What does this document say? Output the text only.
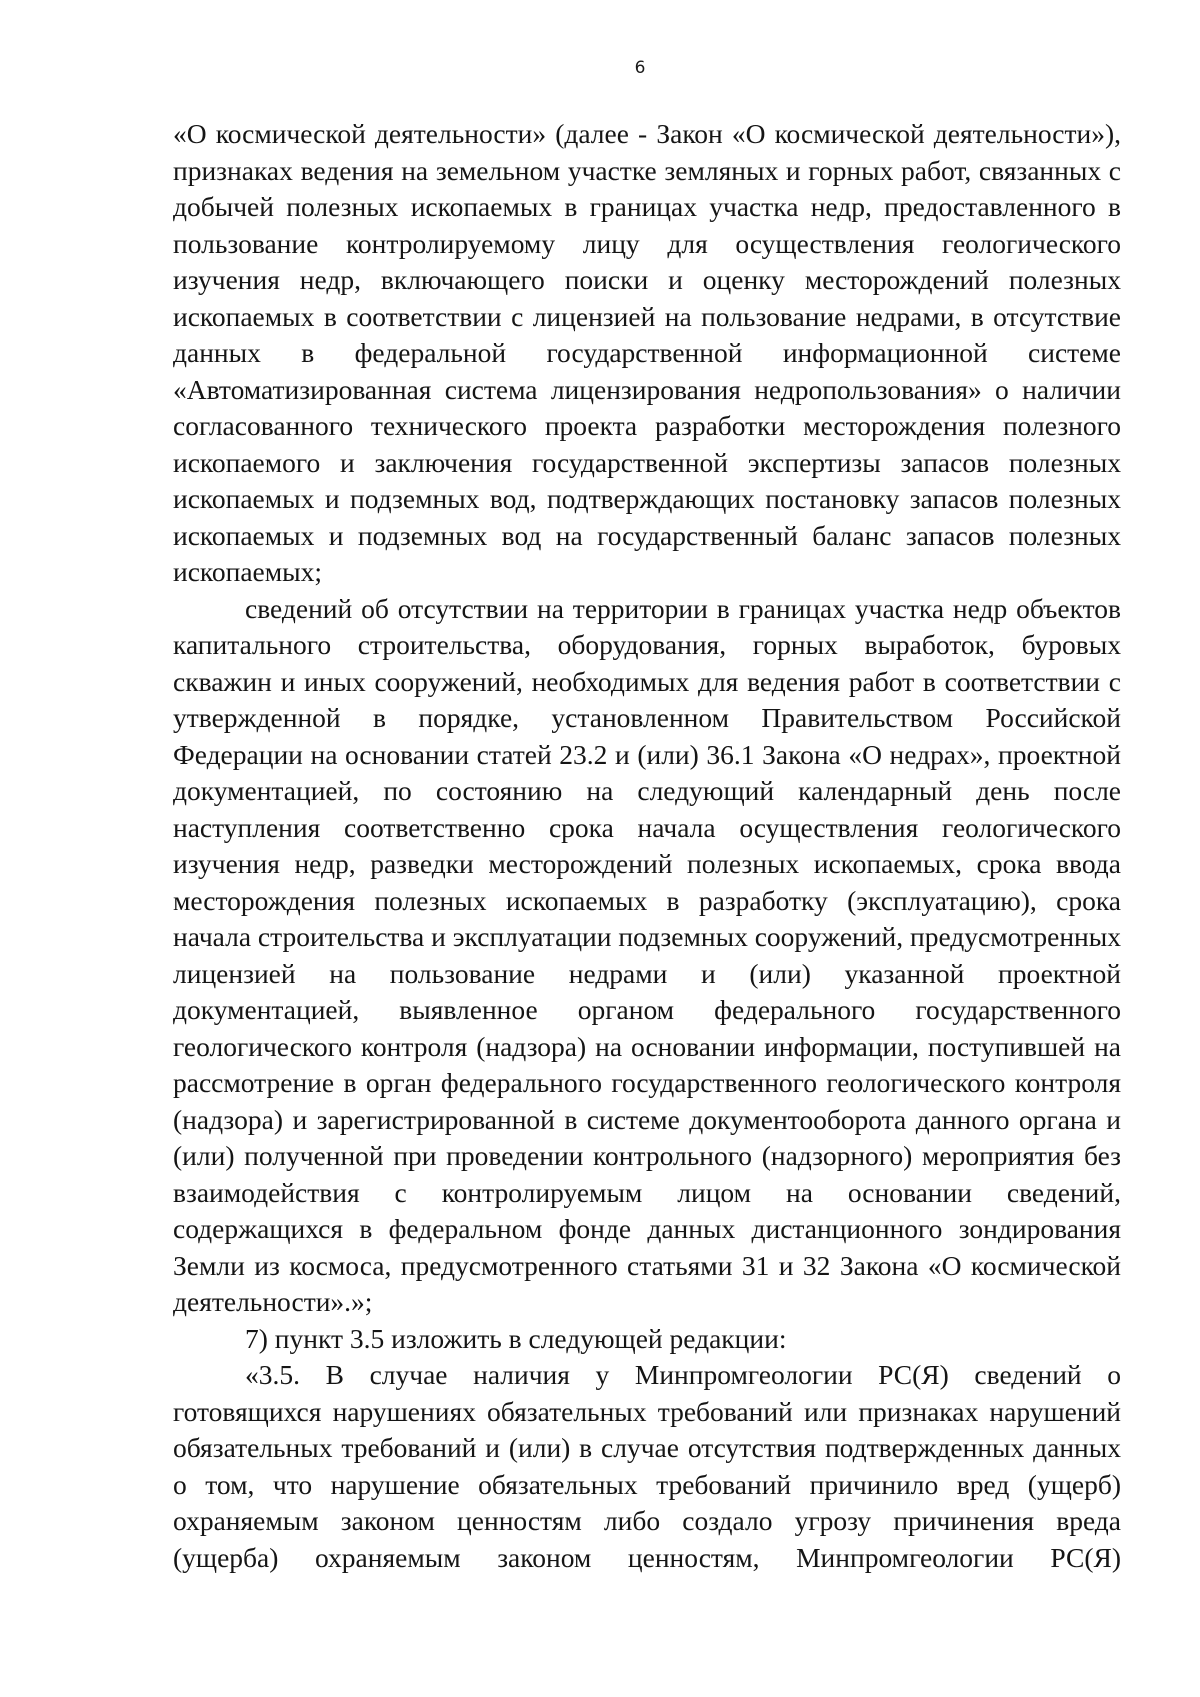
6

«О космической деятельности» (далее - Закон «О космической деятельности»), признаках ведения на земельном участке земляных и горных работ, связанных с добычей полезных ископаемых в границах участка недр, предоставленного в пользование контролируемому лицу для осуществления геологического изучения недр, включающего поиски и оценку месторождений полезных ископаемых в соответствии с лицензией на пользование недрами, в отсутствие данных в федеральной государственной информационной системе «Автоматизированная система лицензирования недропользования» о наличии согласованного технического проекта разработки месторождения полезного ископаемого и заключения государственной экспертизы запасов полезных ископаемых и подземных вод, подтверждающих постановку запасов полезных ископаемых и подземных вод на государственный баланс запасов полезных ископаемых;

сведений об отсутствии на территории в границах участка недр объектов капитального строительства, оборудования, горных выработок, буровых скважин и иных сооружений, необходимых для ведения работ в соответствии с утвержденной в порядке, установленном Правительством Российской Федерации на основании статей 23.2 и (или) 36.1 Закона «О недрах», проектной документацией, по состоянию на следующий календарный день после наступления соответственно срока начала осуществления геологического изучения недр, разведки месторождений полезных ископаемых, срока ввода месторождения полезных ископаемых в разработку (эксплуатацию), срока начала строительства и эксплуатации подземных сооружений, предусмотренных лицензией на пользование недрами и (или) указанной проектной документацией, выявленное органом федерального государственного геологического контроля (надзора) на основании информации, поступившей на рассмотрение в орган федерального государственного геологического контроля (надзора) и зарегистрированной в системе документооборота данного органа и (или) полученной при проведении контрольного (надзорного) мероприятия без взаимодействия с контролируемым лицом на основании сведений, содержащихся в федеральном фонде данных дистанционного зондирования Земли из космоса, предусмотренного статьями 31 и 32 Закона «О космической деятельности».»;

7) пункт 3.5 изложить в следующей редакции:

«3.5. В случае наличия у Минпромгеологии РС(Я) сведений о готовящихся нарушениях обязательных требований или признаках нарушений обязательных требований и (или) в случае отсутствия подтвержденных данных о том, что нарушение обязательных требований причинило вред (ущерб) охраняемым законом ценностям либо создало угрозу причинения вреда (ущерба) охраняемым законом ценностям, Минпромгеологии РС(Я)
